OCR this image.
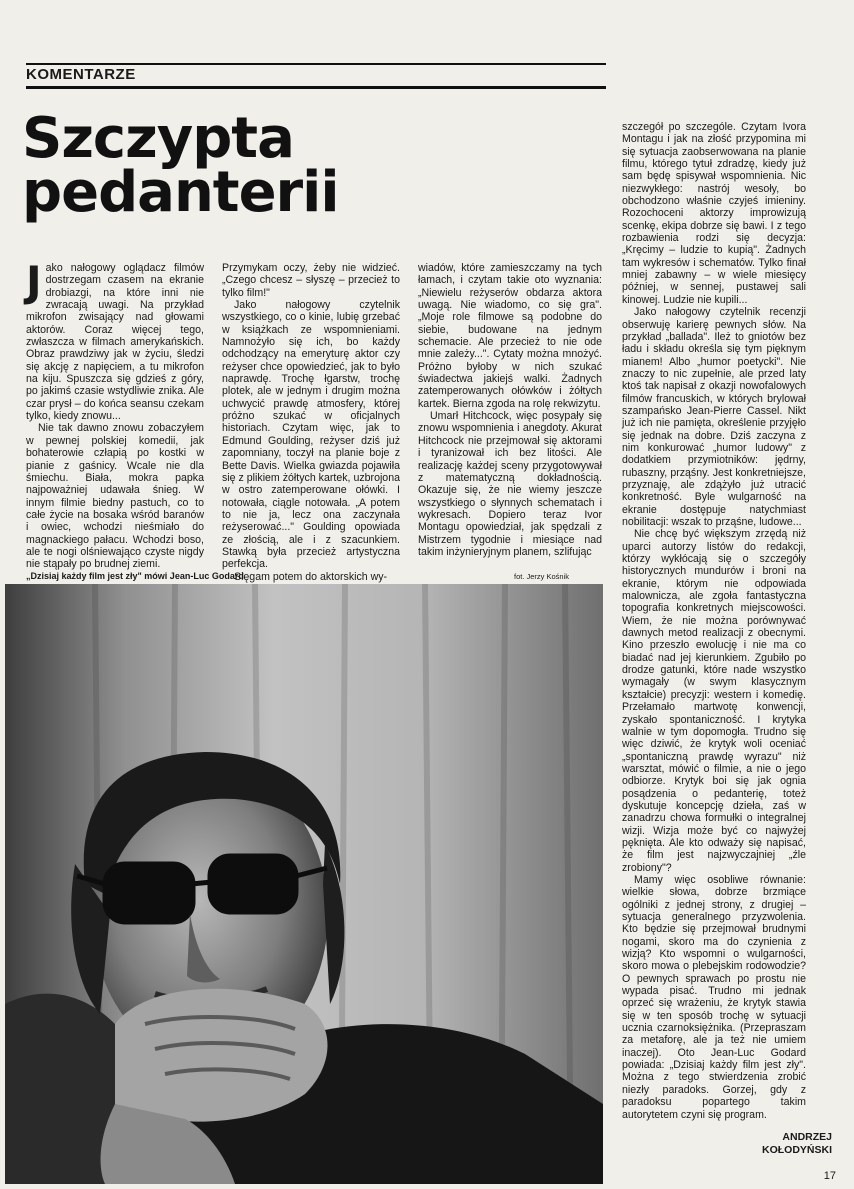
KOMENTARZE
Szczypta
pedanterii

Jako nałogowy oglądacz filmów dostrzegam czasem na ekranie drobiazgi, na które inni nie zwracają uwagi. Na przykład mikrofon zwisający nad głowami aktorów. Coraz więcej tego, zwłaszcza w filmach amerykańskich. Obraz prawdziwy jak w życiu, śledzi się akcję z napięciem, a tu mikrofon na kiju. Spuszcza się gdzieś z góry, po jakimś czasie wstydliwie znika. Ale czar prysł – do końca seansu czekam tylko, kiedy znowu...

Nie tak dawno znowu zobaczyłem w pewnej polskiej komedii, jak bohaterowie człapią po kostki w pianie z gaśnicy. Wcale nie dla śmiechu. Biała, mokra papka najpoważniej udawała śnieg. W innym filmie biedny pastuch, co to całe życie na bosaka wśród baranów i owiec, wchodzi nieśmiało do magnackiego pałacu. Wchodzi boso, ale te nogi olśniewająco czyste nigdy nie stąpały po brudnej ziemi.

Przymykam oczy, żeby nie widzieć. „Czego chcesz – słyszę – przecież to tylko film!"

Jako nałogowy czytelnik wszystkiego, co o kinie, lubię grzebać w książkach ze wspomnieniami. Namnożyło się ich, bo każdy odchodzący na emeryturę aktor czy reżyser chce opowiedzieć, jak to było naprawdę. Trochę łgarstw, trochę plotek, ale w jednym i drugim można uchwycić prawdę atmosfery, której próżno szukać w oficjalnych historiach. Czytam więc, jak to Edmund Goulding, reżyser dziś już zapomniany, toczył na planie boje z Bette Davis. Wielka gwiazda pojawiła się z plikiem żółtych kartek, uzbrojona w ostro zatemperowane ołówki. I notowała, ciągle notowała. „A potem to nie ja, lecz ona zaczynała reżyserować..." Goulding opowiada ze złością, ale i z szacunkiem. Stawką była przecież artystyczna perfekcja.

Sięgam potem do aktorskich wy-

wiadów, które zamieszczamy na tych łamach, i czytam takie oto wyznania: „Niewielu reżyserów obdarza aktora uwagą. Nie wiadomo, co się gra". „Moje role filmowe są podobne do siebie, budowane na jednym schemacie. Ale przecież to nie ode mnie zależy...". Cytaty można mnożyć. Próżno byłoby w nich szukać świadectwa jakiejś walki. Żadnych zatemperowanych ołówków i żółtych kartek. Bierna zgoda na rolę rekwizytu.

Umarł Hitchcock, więc posypały się znowu wspomnienia i anegdoty. Akurat Hitchcock nie przejmował się aktorami i tyranizował ich bez litości. Ale realizację każdej sceny przygotowywał z matematyczną dokładnością. Okazuje się, że nie wiemy jeszcze wszystkiego o słynnych schematach i wykresach. Dopiero teraz Ivor Montagu opowiedział, jak spędzali z Mistrzem tygodnie i miesiące nad takim inżynieryjnym planem, szlifując

szczegół po szczególe. Czytam Ivora Montagu i jak na złość przypomina mi się sytuacja zaobserwowana na planie filmu, którego tytuł zdradzę, kiedy już sam będę spisywał wspomnienia. Nic niezwykłego: nastrój wesoły, bo obchodzono właśnie czyjeś imieniny. Rozochoceni aktorzy improwizują scenkę, ekipa dobrze się bawi. I z tego rozbawienia rodzi się decyzja: „Kręcimy – ludzie to kupią". Żadnych tam wykresów i schematów. Tylko finał mniej zabawny – w wiele miesięcy później, w sennej, pustawej sali kinowej. Ludzie nie kupili...

Jako nałogowy czytelnik recenzji obserwuję karierę pewnych słów. Na przykład „ballada". Ileż to gniotów bez ładu i składu określa się tym pięknym mianem! Albo „humor poetycki". Nie znaczy to nic zupełnie, ale przed laty ktoś tak napisał z okazji nowofalowych filmów francuskich, w których brylował szampańsko Jean-Pierre Cassel. Nikt już ich nie pamięta, określenie przyjęło się jednak na dobre. Dziś zaczyna z nim konkurować „humor ludowy" z dodatkiem przymiotników: jędrny, rubaszny, prząśny. Jest konkretniejsze, przyznaję, ale zdążyło już utracić konkretność. Byle wulgarność na ekranie dostępuje natychmiast nobilitacji: wszak to prząśne, ludowe...

Nie chcę być większym zrzędą niż uparci autorzy listów do redakcji, którzy wykłócają się o szczegóły historycznych mundurów i broni na ekranie, którym nie odpowiada malownicza, ale zgoła fantastyczna topografia konkretnych miejscowości. Wiem, że nie można porównywać dawnych metod realizacji z obecnymi. Kino przeszło ewolucję i nie ma co biadać nad jej kierunkiem. Zgubiło po drodze gatunki, które nade wszystko wymagały (w swym klasycznym kształcie) precyzji: western i komedię. Przełamało martwotę konwencji, zyskało spontaniczność. I krytyka walnie w tym dopomogła. Trudno się więc dziwić, że krytyk woli oceniać „spontaniczną prawdę wyrazu" niż warsztat, mówić o filmie, a nie o jego odbiorze. Krytyk boi się jak ognia posądzenia o pedanterię, toteż dyskutuje koncepcję dzieła, zaś w zanadrzu chowa formułki o integralnej wizji. Wizja może być co najwyżej pęknięta. Ale kto odważy się napisać, że film jest najzwyczajniej „źle zrobiony"?

Mamy więc osobliwe równanie: wielkie słowa, dobrze brzmiące ogólniki z jednej strony, z drugiej – sytuacja generalnego przyzwolenia. Kto będzie się przejmował brudnymi nogami, skoro ma do czynienia z wizją? Kto wspomni o wulgarności, skoro mowa o plebejskim rodowodzie? O pewnych sprawach po prostu nie wypada pisać. Trudno mi jednak oprzeć się wrażeniu, że krytyk stawia się w ten sposób trochę w sytuacji ucznia czarnoksiężnika. (Przepraszam za metaforę, ale ja też nie umiem inaczej). Oto Jean-Luc Godard powiada: „Dzisiaj każdy film jest zły". Można z tego stwierdzenia zrobić niezły paradoks. Gorzej, gdy z paradoksu popartego takim autorytetem czyni się program.

„Dzisiaj każdy film jest zły" mówi Jean-Luc Godard	fot. Jerzy Kośnik
ANDRZEJ
KOŁODYŃSKI
17
